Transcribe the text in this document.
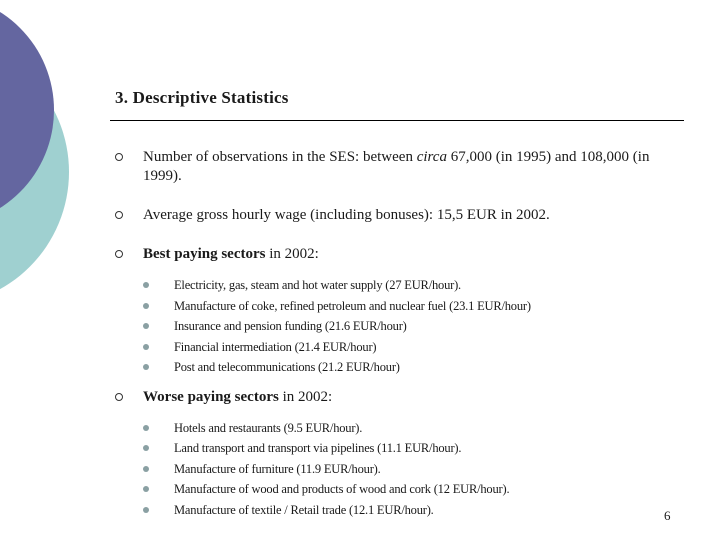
3. Descriptive Statistics
Number of observations in the SES: between circa 67,000 (in 1995) and 108,000 (in 1999).
Average gross hourly wage (including bonuses): 15,5 EUR in 2002.
Best paying sectors in 2002:
Electricity, gas, steam and hot water supply (27 EUR/hour).
Manufacture of coke, refined petroleum and nuclear fuel (23.1 EUR/hour)
Insurance and pension funding (21.6 EUR/hour)
Financial intermediation (21.4 EUR/hour)
Post and telecommunications (21.2 EUR/hour)
Worse paying sectors in 2002:
Hotels and restaurants (9.5 EUR/hour).
Land transport and transport via pipelines (11.1 EUR/hour).
Manufacture of furniture (11.9 EUR/hour).
Manufacture of wood and products of wood and cork (12 EUR/hour).
Manufacture of textile / Retail trade (12.1 EUR/hour).	6
